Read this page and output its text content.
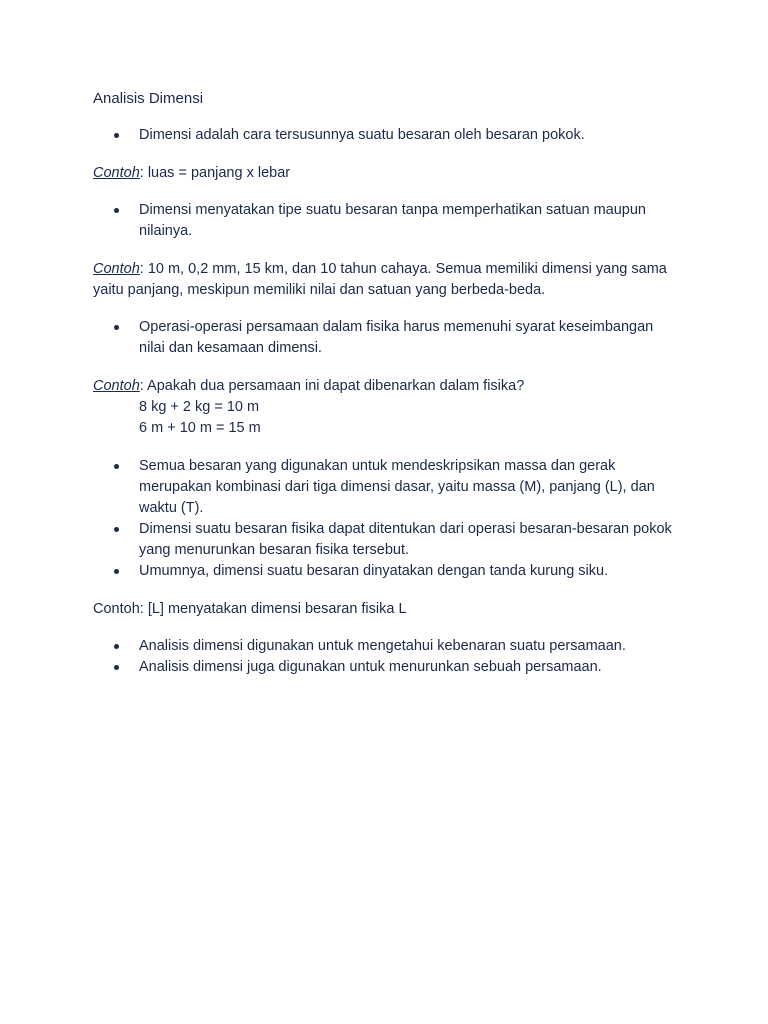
Analisis Dimensi
Dimensi adalah cara tersusunnya suatu besaran oleh besaran pokok.

Contoh: luas = panjang x lebar

Dimensi menyatakan tipe suatu besaran tanpa memperhatikan satuan maupun nilainya.

Contoh: 10 m, 0,2 mm, 15 km, dan 10 tahun cahaya. Semua memiliki dimensi yang sama yaitu panjang, meskipun memiliki nilai dan satuan yang berbeda-beda.

Operasi-operasi persamaan dalam fisika harus memenuhi syarat keseimbangan nilai dan kesamaan dimensi.

Contoh: Apakah dua persamaan ini dapat dibenarkan dalam fisika?

8 kg + 2 kg = 10 m
6 m + 10 m = 15 m
Semua besaran yang digunakan untuk mendeskripsikan massa dan gerak merupakan kombinasi dari tiga dimensi dasar, yaitu massa (M), panjang (L), dan waktu (T).
Dimensi suatu besaran fisika dapat ditentukan dari operasi besaran-besaran pokok yang menurunkan besaran fisika tersebut.
Umumnya, dimensi suatu besaran dinyatakan dengan tanda kurung siku.

Contoh: [L] menyatakan dimensi besaran fisika L

Analisis dimensi digunakan untuk mengetahui kebenaran suatu persamaan.
Analisis dimensi juga digunakan untuk menurunkan sebuah persamaan.
